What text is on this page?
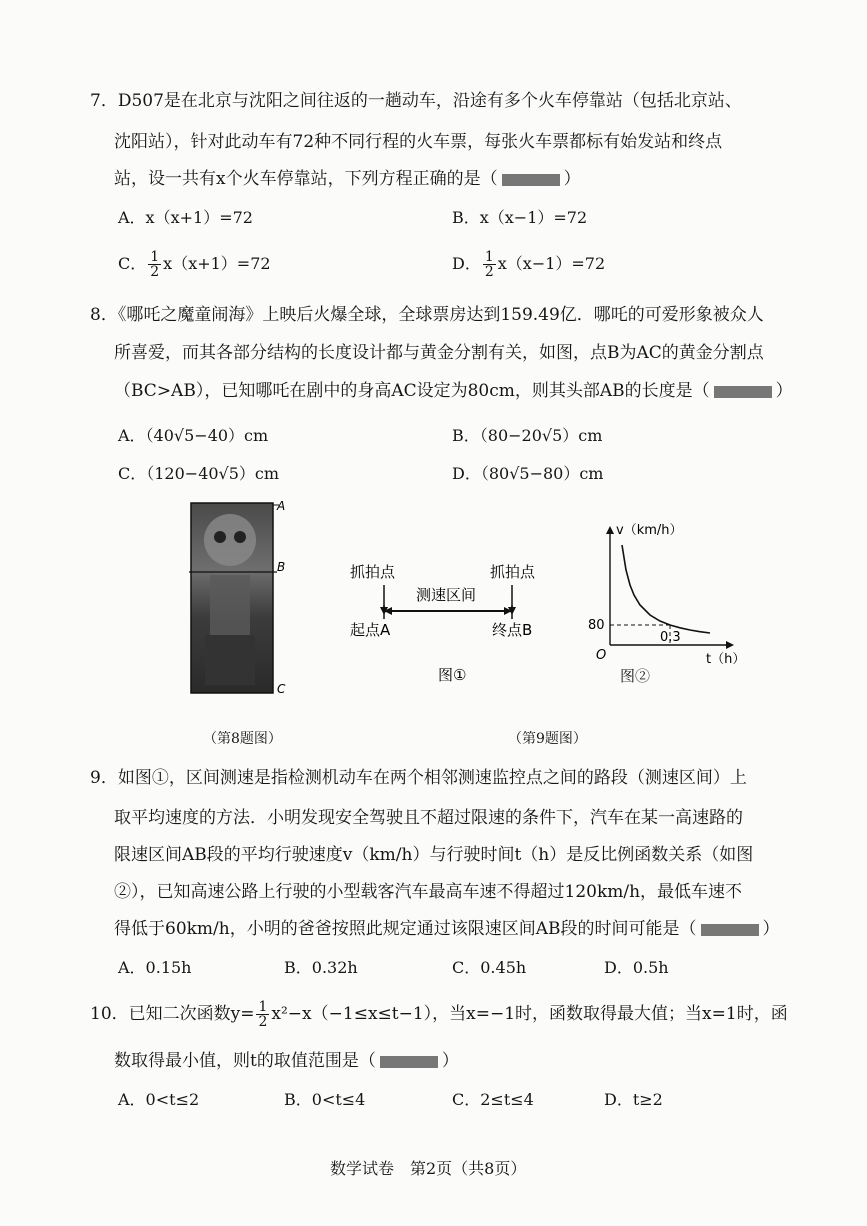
7．D507是在北京与沈阳之间往返的一趟动车，沿途有多个火车停靠站（包括北京站、
沈阳站），针对此动车有72种不同行程的火车票，每张火车票都标有始发站和终点
站，设一共有x个火车停靠站，下列方程正确的是（	）
A．x（x+1）=72	B．x（x−1）=72
C． $\frac{1}{2} x(x+1)=72$	D． $\frac{1}{2} x(x-1)=72$
8．《哪吒之魔童闹海》上映后火爆全球，全球票房达到159.49亿．哪吒的可爱形象被众人
所喜爱，而其各部分结构的长度设计都与黄金分割有关，如图，点B为AC的黄金分割点
（BC>AB），已知哪吒在剧中的身高AC设定为80cm，则其头部AB的长度是（	）
A．（40√5−40）cm	B．（80−20√5）cm
C．（120−40√5）cm	D．（80√5−80）cm
A
B
C
（第8题图）
抓拍点	抓拍点
测速区间
起点A	终点B
图①
v（km/h）
t（h）
80
0.3
O
图②
（第9题图）
9．如图①，区间测速是指检测机动车在两个相邻测速监控点之间的路段（测速区间）上
取平均速度的方法．小明发现安全驾驶且不超过限速的条件下，汽车在某一高速路的
限速区间AB段的平均行驶速度v（km/h）与行驶时间t（h）是反比例函数关系（如图
②），已知高速公路上行驶的小型载客汽车最高车速不得超过120km/h，最低车速不
得低于60km/h，小明的爸爸按照此规定通过该限速区间AB段的时间可能是（	）
A．0.15h	B．0.32h	C．0.45h	D．0.5h
10．已知二次函数$y= \frac{1}{2} x^2-x(-1\le x\le t-1)$，当x=−1时，函数取得最大值；当x=1时，函
数取得最小值，则t的取值范围是（	）
A．0<t≤2	B．0<t≤4	C．2≤t≤4	D．t≥2
数学试卷　第2页（共8页）
